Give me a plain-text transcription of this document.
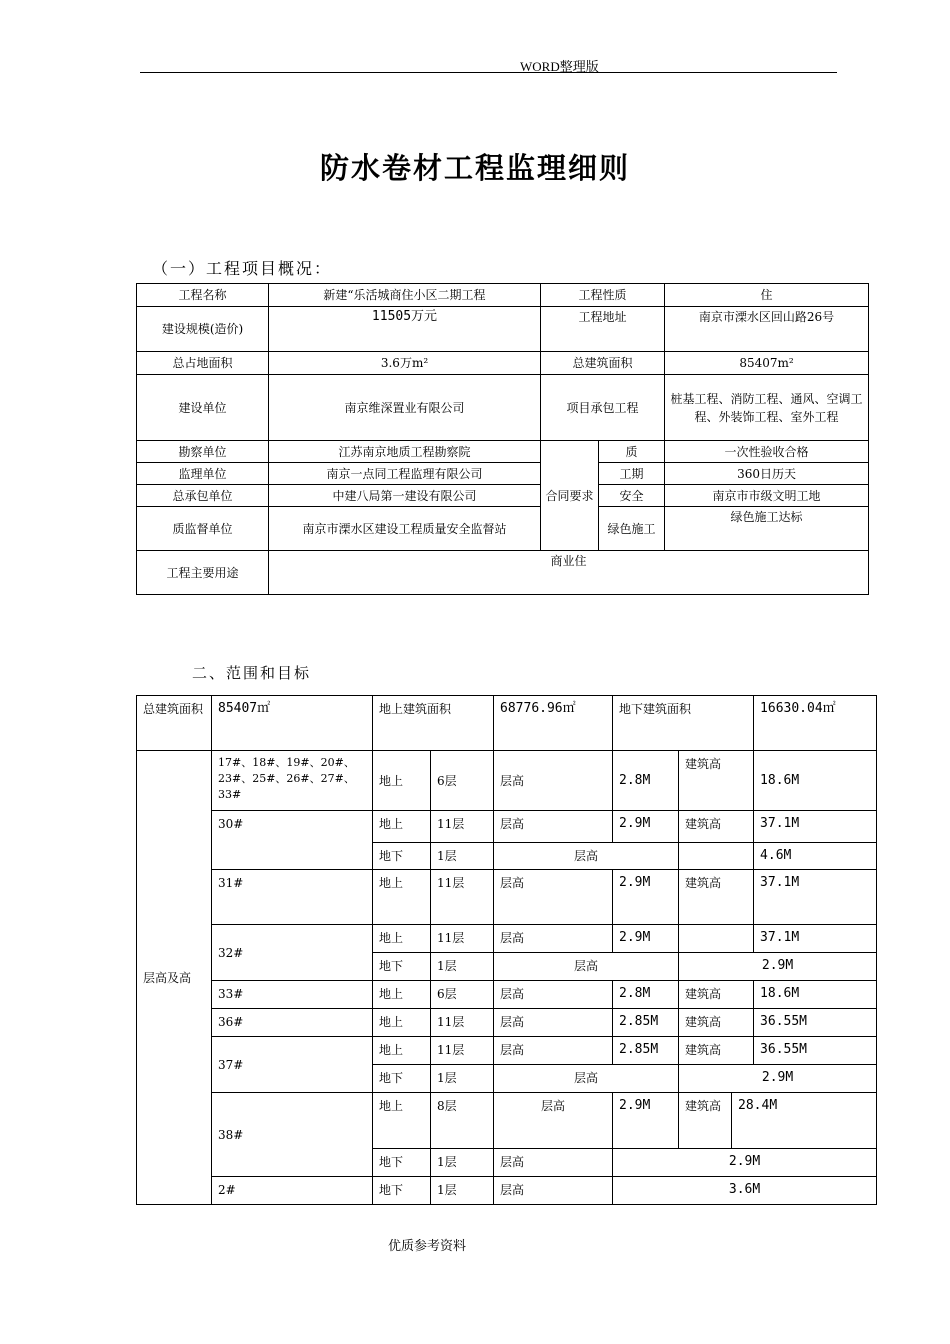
WORD整理版
防水卷材工程监理细则
（一）工程项目概况：
工程名称	新建“乐活城商住小区二期工程	工程性质		住
建设规模(造价)	11505万元	工程地址		南京市溧水区回山路26号
总占地面积	3.6万m²	总建筑面积		85407m²
建设单位	南京维深置业有限公司	项目承包工程		桩基工程、消防工程、通风、空调工程、外装饰工程、室外工程
勘察单位	江苏南京地质工程勘察院	合同要求	质	一次性验收合格
监理单位	南京一点同工程监理有限公司		工期	360日历天
总承包单位	中建八局第一建设有限公司		安全	南京市市级文明工地
质监督单位	南京市溧水区建设工程质量安全监督站		绿色施工	绿色施工达标
工程主要用途	商业住			
二、范围和目标
总建筑面积	85407㎡	地上建筑面积		68776.96㎡	地下建筑面积			16630.04㎡
层高及高	17#、18#、19#、20#、23#、25#、26#、27#、33#	地上	6层	层高	2.8M	建筑高		18.6M
	30#	地上	11层	层高	2.9M	建筑高		37.1M
		地下	1层	层高				4.6M
	31#	地上	11层	层高	2.9M	建筑高		37.1M
	32#	地上	11层	层高	2.9M			37.1M
		地下	1层	层高		2.9M		
	33#	地上	6层	层高	2.8M	建筑高		18.6M
	36#	地上	11层	层高	2.85M	建筑高		36.55M
	37#	地上	11层	层高	2.85M	建筑高		36.55M
		地下	1层	层高		2.9M		
	38#	地上	8层	层高	2.9M	建筑高	28.4M	
		地下	1层	层高	2.9M			
	2#	地下	1层	层高	3.6M			
优质参考资料
